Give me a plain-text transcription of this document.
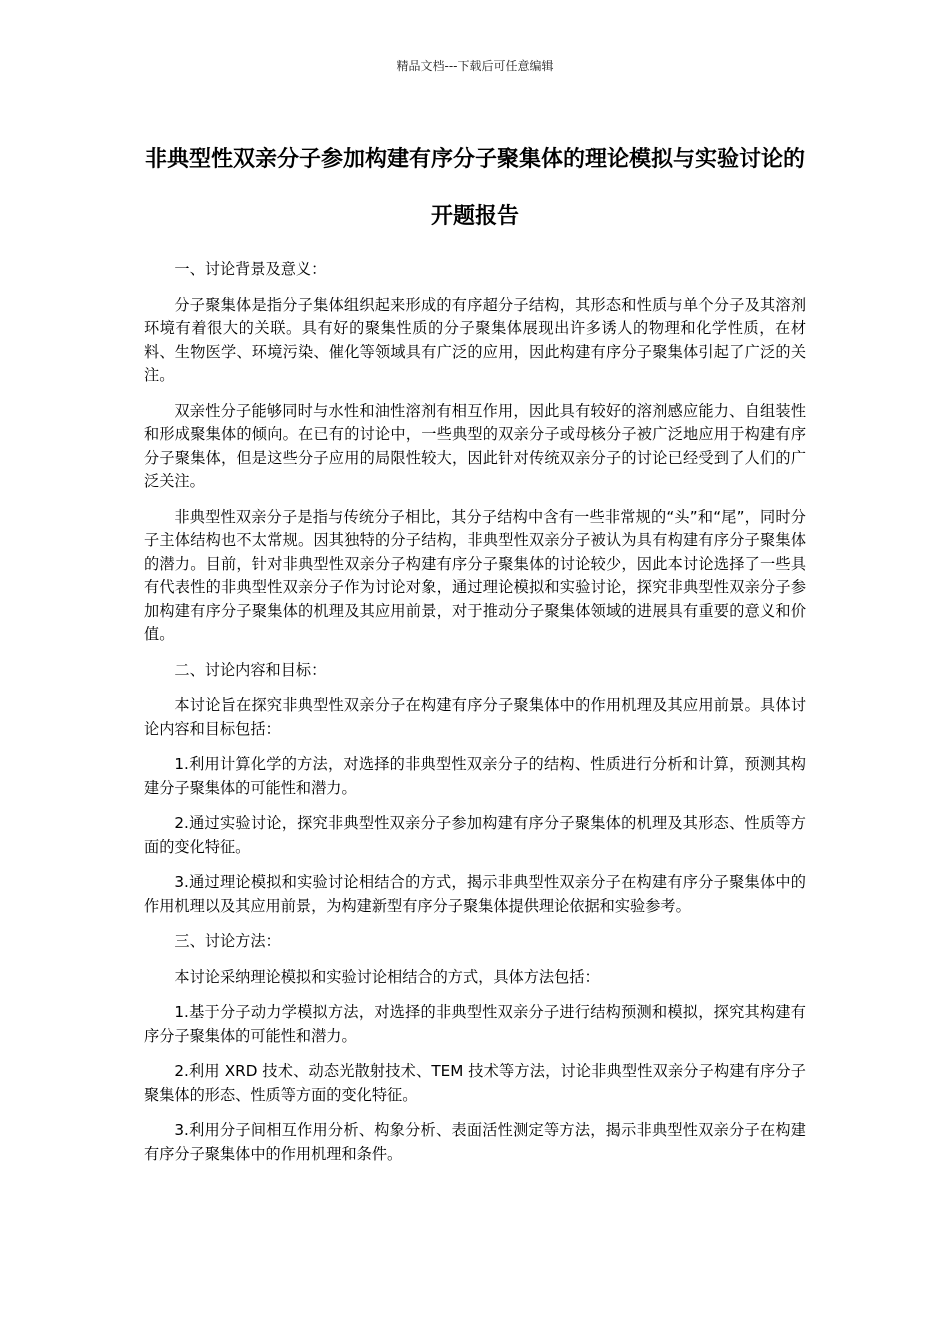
精品文档---下载后可任意编辑
非典型性双亲分子参加构建有序分子聚集体的理论模拟与实验讨论的开题报告
一、讨论背景及意义：

分子聚集体是指分子集体组织起来形成的有序超分子结构，其形态和性质与单个分子及其溶剂环境有着很大的关联。具有好的聚集性质的分子聚集体展现出许多诱人的物理和化学性质，在材料、生物医学、环境污染、催化等领域具有广泛的应用，因此构建有序分子聚集体引起了广泛的关注。

双亲性分子能够同时与水性和油性溶剂有相互作用，因此具有较好的溶剂感应能力、自组装性和形成聚集体的倾向。在已有的讨论中，一些典型的双亲分子或母核分子被广泛地应用于构建有序分子聚集体，但是这些分子应用的局限性较大，因此针对传统双亲分子的讨论已经受到了人们的广泛关注。

非典型性双亲分子是指与传统分子相比，其分子结构中含有一些非常规的“头”和“尾”，同时分子主体结构也不太常规。因其独特的分子结构，非典型性双亲分子被认为具有构建有序分子聚集体的潜力。目前，针对非典型性双亲分子构建有序分子聚集体的讨论较少，因此本讨论选择了一些具有代表性的非典型性双亲分子作为讨论对象，通过理论模拟和实验讨论，探究非典型性双亲分子参加构建有序分子聚集体的机理及其应用前景，对于推动分子聚集体领域的进展具有重要的意义和价值。

二、讨论内容和目标：

本讨论旨在探究非典型性双亲分子在构建有序分子聚集体中的作用机理及其应用前景。具体讨论内容和目标包括：

1.利用计算化学的方法，对选择的非典型性双亲分子的结构、性质进行分析和计算，预测其构建分子聚集体的可能性和潜力。

2.通过实验讨论，探究非典型性双亲分子参加构建有序分子聚集体的机理及其形态、性质等方面的变化特征。

3.通过理论模拟和实验讨论相结合的方式，揭示非典型性双亲分子在构建有序分子聚集体中的作用机理以及其应用前景，为构建新型有序分子聚集体提供理论依据和实验参考。

三、讨论方法：

本讨论采纳理论模拟和实验讨论相结合的方式，具体方法包括：

1.基于分子动力学模拟方法，对选择的非典型性双亲分子进行结构预测和模拟，探究其构建有序分子聚集体的可能性和潜力。

2.利用 XRD 技术、动态光散射技术、TEM 技术等方法，讨论非典型性双亲分子构建有序分子聚集体的形态、性质等方面的变化特征。

3.利用分子间相互作用分析、构象分析、表面活性测定等方法，揭示非典型性双亲分子在构建有序分子聚集体中的作用机理和条件。
